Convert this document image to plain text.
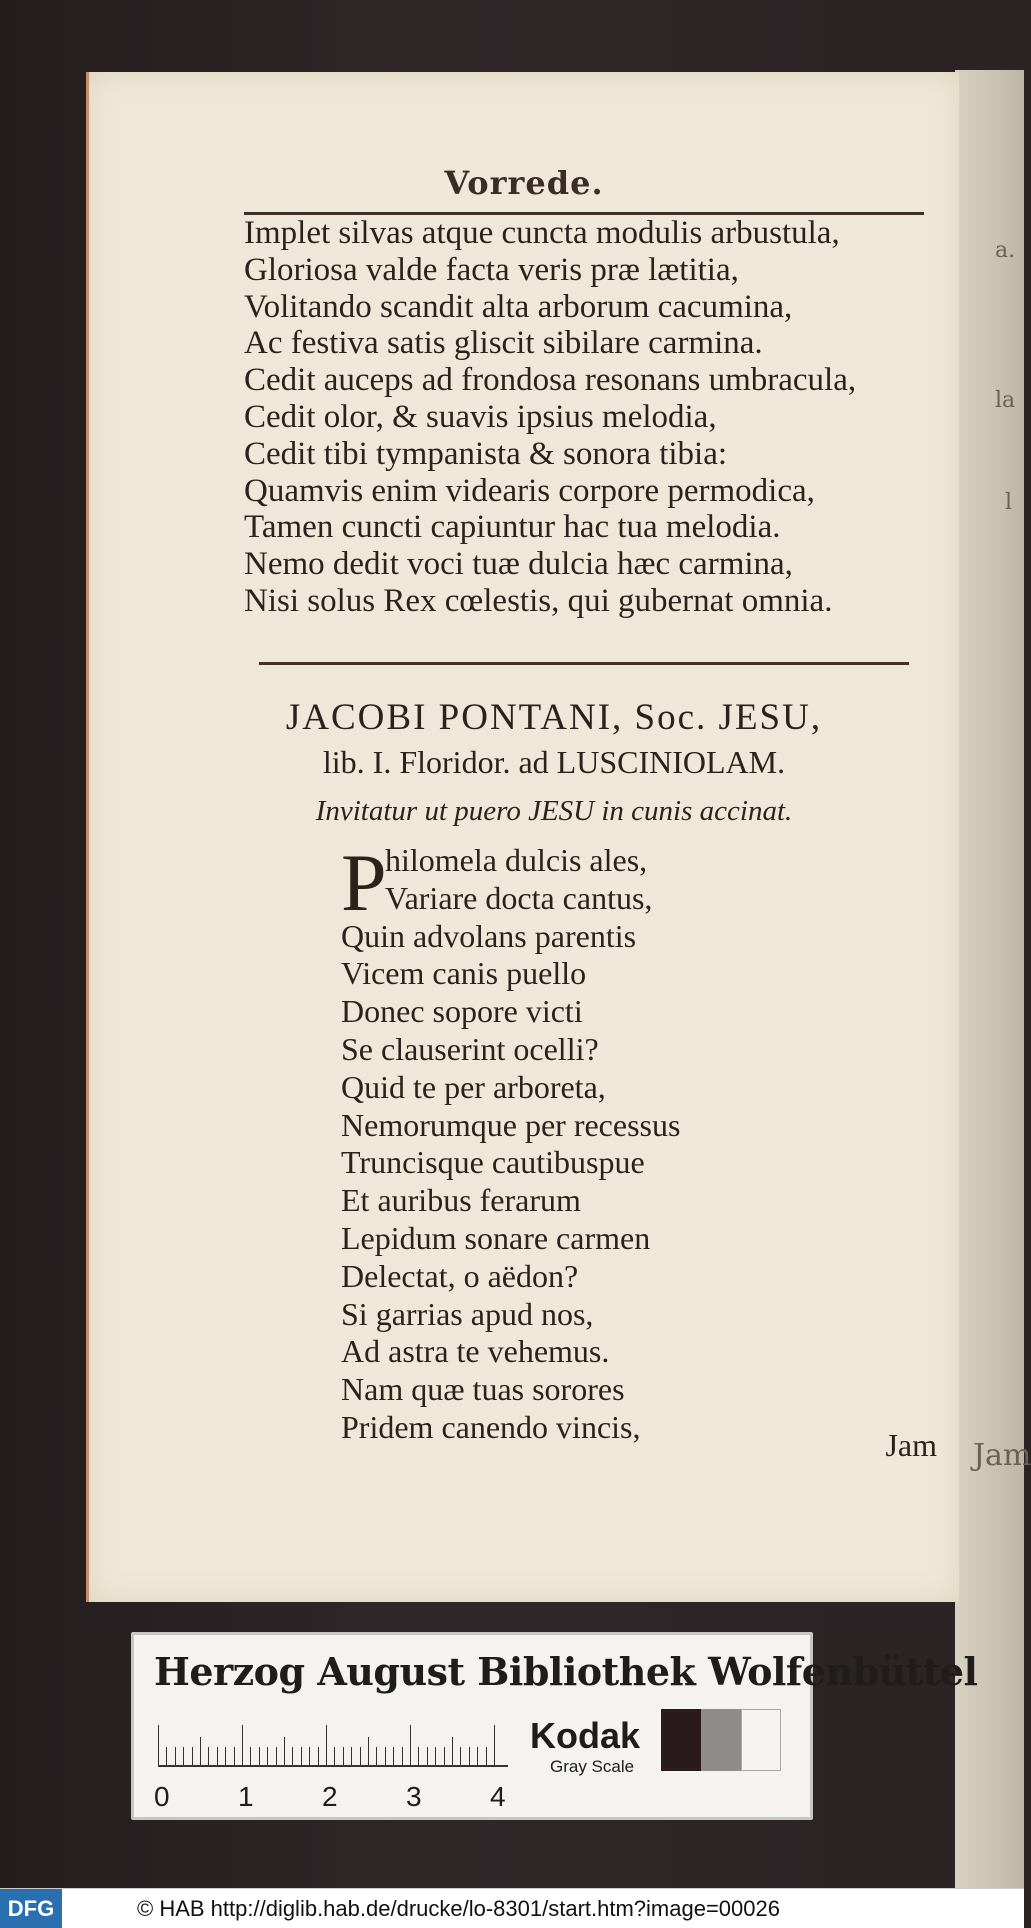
a.
la
l
Jam
Vorrede.
Implet silvas atque cuncta modulis arbustula,
Gloriosa valde facta veris præ lætitia,
Volitando scandit alta arborum cacumina,
Ac festiva satis gliscit sibilare carmina.
Cedit auceps ad frondosa resonans umbracula,
Cedit olor, & suavis ipsius melodia,
Cedit tibi tympanista & sonora tibia:
Quamvis enim videaris corpore permodica,
Tamen cuncti capiuntur hac tua melodia.
Nemo dedit voci tuæ dulcia hæc carmina,
Nisi solus Rex cœlestis, qui gubernat omnia.
JACOBI PONTANI, Soc. JESU,
lib. I. Floridor. ad LUSCINIOLAM.
Invitatur ut puero JESU in cunis accinat.
P
hilomela dulcis ales,
Variare docta cantus,
Quin advolans parentis
Vicem canis puello
Donec sopore victi
Se clauserint ocelli?
Quid te per arboreta,
Nemorumque per recessus
Truncisque cautibuspue
Et auribus ferarum
Lepidum sonare carmen
Delectat, o aëdon?
Si garrias apud nos,
Ad astra te vehemus.
Nam quæ tuas sorores
Pridem canendo vincis,
Jam
Herzog August Bibliothek Wolfenbüttel
0 1 2 3 4
Kodak
Gray Scale
DFG	© HAB http://diglib.hab.de/drucke/lo-8301/start.htm?image=00026
